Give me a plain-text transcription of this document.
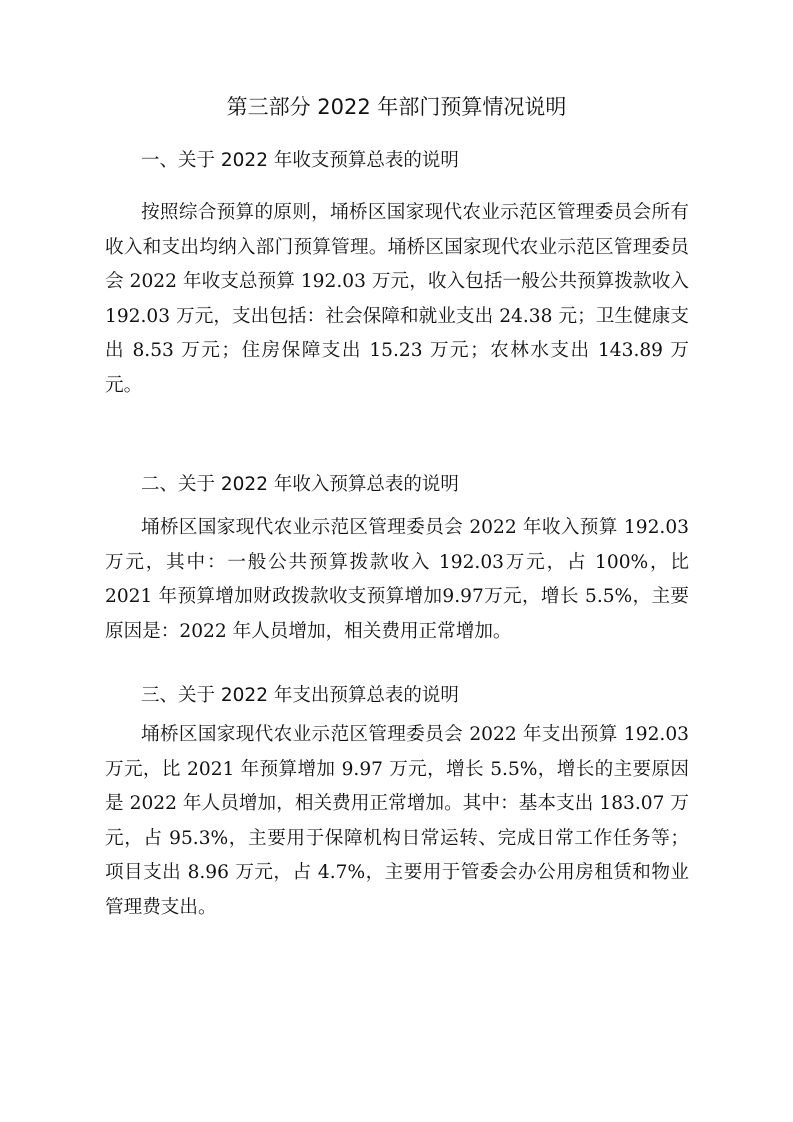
第三部分 2022 年部门预算情况说明
一、关于 2022 年收支预算总表的说明
按照综合预算的原则，埇桥区国家现代农业示范区管理委员会所有收入和支出均纳入部门预算管理。埇桥区国家现代农业示范区管理委员会 2022 年收支总预算 192.03 万元，收入包括一般公共预算拨款收入 192.03 万元，支出包括：社会保障和就业支出 24.38 元；卫生健康支出 8.53 万元；住房保障支出 15.23 万元；农林水支出 143.89 万元。
二、关于 2022 年收入预算总表的说明
埇桥区国家现代农业示范区管理委员会 2022 年收入预算 192.03万元，其中：一般公共预算拨款收入 192.03万元，占 100%，比2021 年预算增加财政拨款收支预算增加9.97万元，增长 5.5%，主要原因是：2022 年人员增加，相关费用正常增加。
三、关于 2022 年支出预算总表的说明
埇桥区国家现代农业示范区管理委员会 2022 年支出预算 192.03 万元，比 2021 年预算增加 9.97 万元，增长 5.5%，增长的主要原因是 2022 年人员增加，相关费用正常增加。其中：基本支出 183.07 万元，占 95.3%，主要用于保障机构日常运转、完成日常工作任务等；项目支出 8.96 万元，占 4.7%，主要用于管委会办公用房租赁和物业管理费支出。
